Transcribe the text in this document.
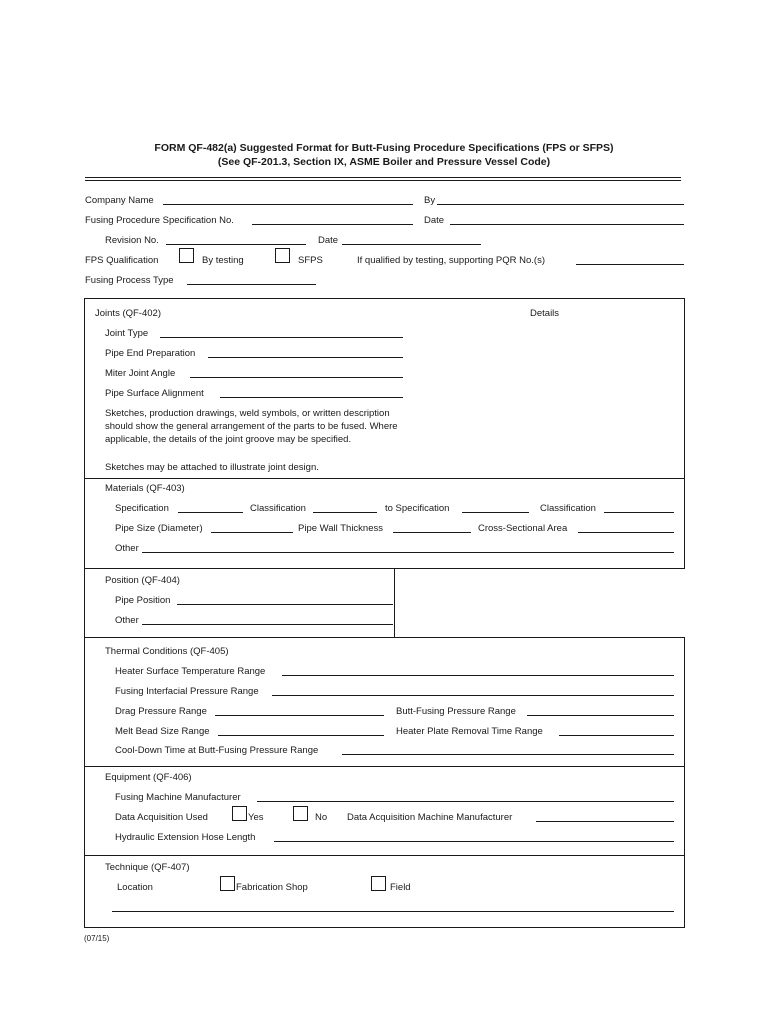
FORM QF-482(a) Suggested Format for Butt-Fusing Procedure Specifications (FPS or SFPS)
(See QF-201.3, Section IX, ASME Boiler and Pressure Vessel Code)
Company Name	By
Fusing Procedure Specification No.	Date
Revision No.	Date
FPS Qualification	By testing	SFPS	If qualified by testing, supporting PQR No.(s)
Fusing Process Type
Joints (QF-402)	Details
Joint Type
Pipe End Preparation
Miter Joint Angle
Pipe Surface Alignment
Sketches, production drawings, weld symbols, or written description
should show the general arrangement of the parts to be fused. Where
applicable, the details of the joint groove may be specified.
Sketches may be attached to illustrate joint design.
Materials (QF-403)
Specification	Classification	to Specification	Classification
Pipe Size (Diameter)	Pipe Wall Thickness	Cross-Sectional Area
Other
Position (QF-404)
Pipe Position
Other
Thermal Conditions (QF-405)
Heater Surface Temperature Range
Fusing Interfacial Pressure Range
Drag Pressure Range	Butt-Fusing Pressure Range
Melt Bead Size Range	Heater Plate Removal Time Range
Cool-Down Time at Butt-Fusing Pressure Range
Equipment (QF-406)
Fusing Machine Manufacturer
Data Acquisition Used	Yes	No Data Acquisition Machine Manufacturer
Hydraulic Extension Hose Length
Technique (QF-407)
Location	Fabrication Shop	Field
(07/15)
